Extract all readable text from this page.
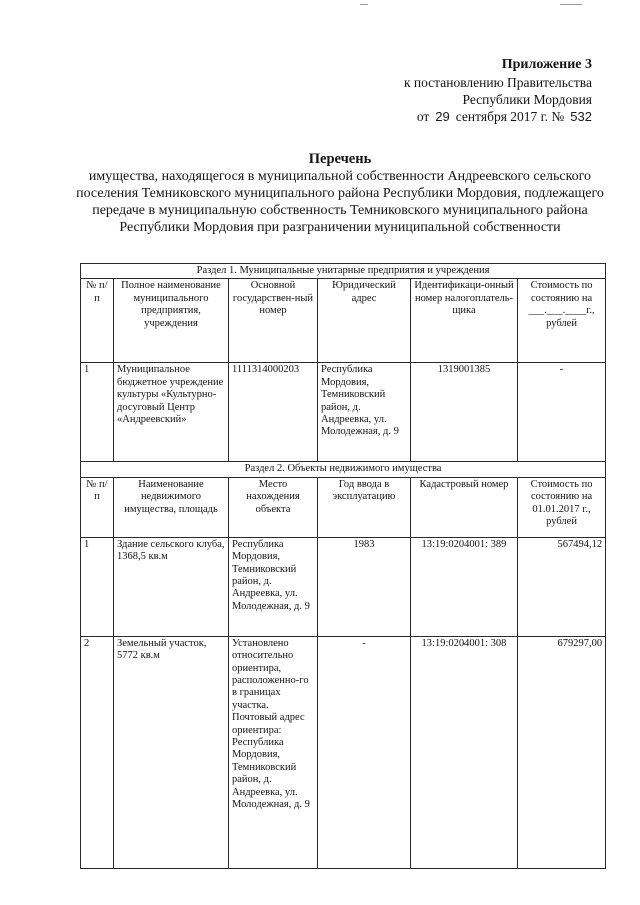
Приложение 3
к постановлению Правительства
Республики Мордовия
от 29 сентября 2017 г. № 532
Перечень
имущества, находящегося в муниципальной собственности Андреевского сельского поселения Темниковского муниципального района Республики Мордовия, подлежащего передаче в муниципальную собственность Темниковского муниципального района Республики Мордовия при разграничении муниципальной собственности
Раздел 1. Муниципальные унитарные предприятия и учреждения					
№ п/п	Полное наименование муниципального предприятия, учреждения	Основной государствен-ный номер	Юридический адрес	Идентификаци-онный номер налогоплатель-щика	Стоимость по состоянию на ___.___.____г., рублей
1	Муниципальное бюджетное учреждение культуры «Культурно-досуговый Центр «Андреевский»	1111314000203	Республика Мордовия, Темниковский район, д. Андреевка, ул. Молодежная, д. 9	1319001385	-
Раздел 2. Объекты недвижимого имущества					
№ п/п	Наименование недвижимого имущества, площадь	Место нахождения объекта	Год ввода в эксплуатацию	Кадастровый номер	Стоимость по состоянию на 01.01.2017 г., рублей
1	Здание сельского клуба, 1368,5 кв.м	Республика Мордовия, Темниковский район, д. Андреевка, ул. Молодежная, д. 9	1983	13:19:0204001: 389	567494,12
2	Земельный участок, 5772 кв.м	Установлено относительно ориентира, расположенно-го в границах участка. Почтовый адрес ориентира: Республика Мордовия, Темниковский район, д. Андреевка, ул. Молодежная, д. 9	-	13:19:0204001: 308	679297,00
